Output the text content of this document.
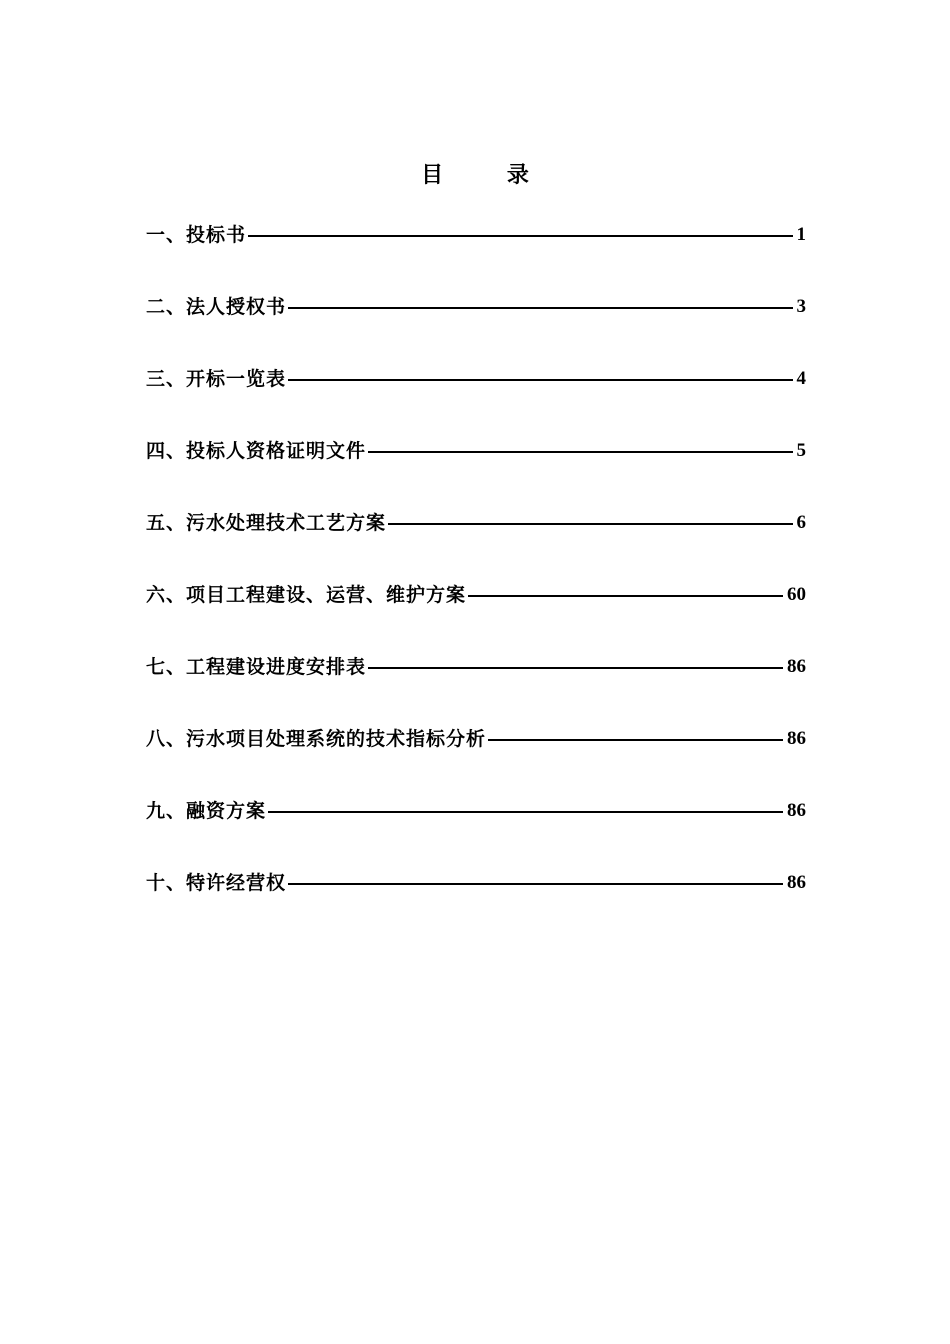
目 录
一、投标书	1
二、法人授权书	3
三、开标一览表	4
四、投标人资格证明文件	5
五、污水处理技术工艺方案	6
六、项目工程建设、运营、维护方案	60
七、工程建设进度安排表	86
八、污水项目处理系统的技术指标分析	86
九、融资方案	86
十、特许经营权	86
